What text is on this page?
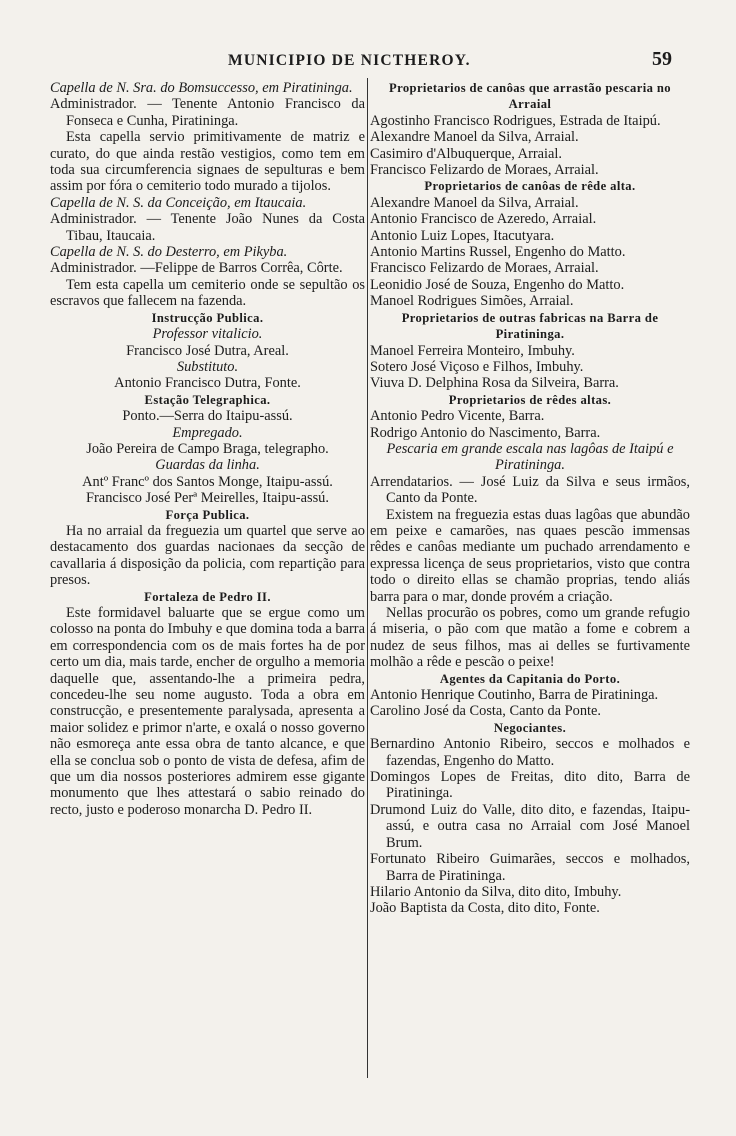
MUNICIPIO DE NICTHEROY.	59

Capella de N. Sra. do Bomsuccesso, em Piratininga.

Administrador. — Tenente Antonio Francisco da Fonseca e Cunha, Piratininga.

Esta capella servio primitivamente de matriz e curato, do que ainda restão vestigios, como tem em toda sua circumferencia signaes de sepulturas e bem assim por fóra o cemiterio todo murado a tijolos.

Capella de N. S. da Conceição, em Itaucaia.

Administrador. — Tenente João Nunes da Costa Tibau, Itaucaia.

Capella de N. S. do Desterro, em Pikyba.

Administrador. —Felippe de Barros Corrêa, Côrte.

Tem esta capella um cemiterio onde se sepultão os escravos que fallecem na fazenda.

Instrucção Publica.

Professor vitalicio.

Francisco José Dutra, Areal.

Substituto.

Antonio Francisco Dutra, Fonte.

Estação Telegraphica.

Ponto.—Serra do Itaipu-assú.

Empregado.

João Pereira de Campo Braga, telegrapho.

Guardas da linha.

Antº Francº dos Santos Monge, Itaipu-assú.

Francisco José Perª Meirelles, Itaipu-assú.

Força Publica.

Ha no arraial da freguezia um quartel que serve ao destacamento dos guardas nacionaes da secção de cavallaria á disposição da policia, com repartição para presos.

Fortaleza de Pedro II.

Este formidavel baluarte que se ergue como um colosso na ponta do Imbuhy e que domina toda a barra em correspondencia com os de mais fortes ha de por certo um dia, mais tarde, encher de orgulho a memoria daquelle que, assentando-lhe a primeira pedra, concedeu-lhe seu nome augusto. Toda a obra em construcção, e presentemente paralysada, apresenta a maior solidez e primor n'arte, e oxalá o nosso governo não esmoreça ante essa obra de tanto alcance, e que ella se conclua sob o ponto de vista de defesa, afim de que um dia nossos posteriores admirem esse gigante monumento que lhes attestará o sabio reinado do recto, justo e poderoso monarcha D. Pedro II.

Proprietarios de canôas que arrastão pescaria no Arraial

Agostinho Francisco Rodrigues, Estrada de Itaipú.

Alexandre Manoel da Silva, Arraial.

Casimiro d'Albuquerque, Arraial.

Francisco Felizardo de Moraes, Arraial.

Proprietarios de canôas de rêde alta.

Alexandre Manoel da Silva, Arraial.

Antonio Francisco de Azeredo, Arraial.

Antonio Luiz Lopes, Itacutyara.

Antonio Martins Russel, Engenho do Matto.

Francisco Felizardo de Moraes, Arraial.

Leonidio José de Souza, Engenho do Matto.

Manoel Rodrigues Simões, Arraial.

Proprietarios de outras fabricas na Barra de Piratininga.

Manoel Ferreira Monteiro, Imbuhy.

Sotero José Viçoso e Filhos, Imbuhy.

Viuva D. Delphina Rosa da Silveira, Barra.

Proprietarios de rêdes altas.

Antonio Pedro Vicente, Barra.

Rodrigo Antonio do Nascimento, Barra.

Pescaria em grande escala nas lagôas de Itaipú e Piratininga.

Arrendatarios. — José Luiz da Silva e seus irmãos, Canto da Ponte.

Existem na freguezia estas duas lagôas que abundão em peixe e camarões, nas quaes pescão immensas rêdes e canôas mediante um puchado arrendamento e expressa licença de seus proprietarios, visto que contra todo o direito ellas se chamão proprias, tendo aliás barra para o mar, donde provém a criação.

Nellas procurão os pobres, como um grande refugio á miseria, o pão com que matão a fome e cobrem a nudez de seus filhos, mas ai delles se furtivamente molhão a rêde e pescão o peixe!

Agentes da Capitania do Porto.

Antonio Henrique Coutinho, Barra de Piratininga.

Carolino José da Costa, Canto da Ponte.

Negociantes.

Bernardino Antonio Ribeiro, seccos e molhados e fazendas, Engenho do Matto.

Domingos Lopes de Freitas, dito dito, Barra de Piratininga.

Drumond Luiz do Valle, dito dito, e fazendas, Itaipu-assú, e outra casa no Arraial com José Manoel Brum.

Fortunato Ribeiro Guimarães, seccos e molhados, Barra de Piratininga.

Hilario Antonio da Silva, dito dito, Imbuhy.

João Baptista da Costa, dito dito, Fonte.
